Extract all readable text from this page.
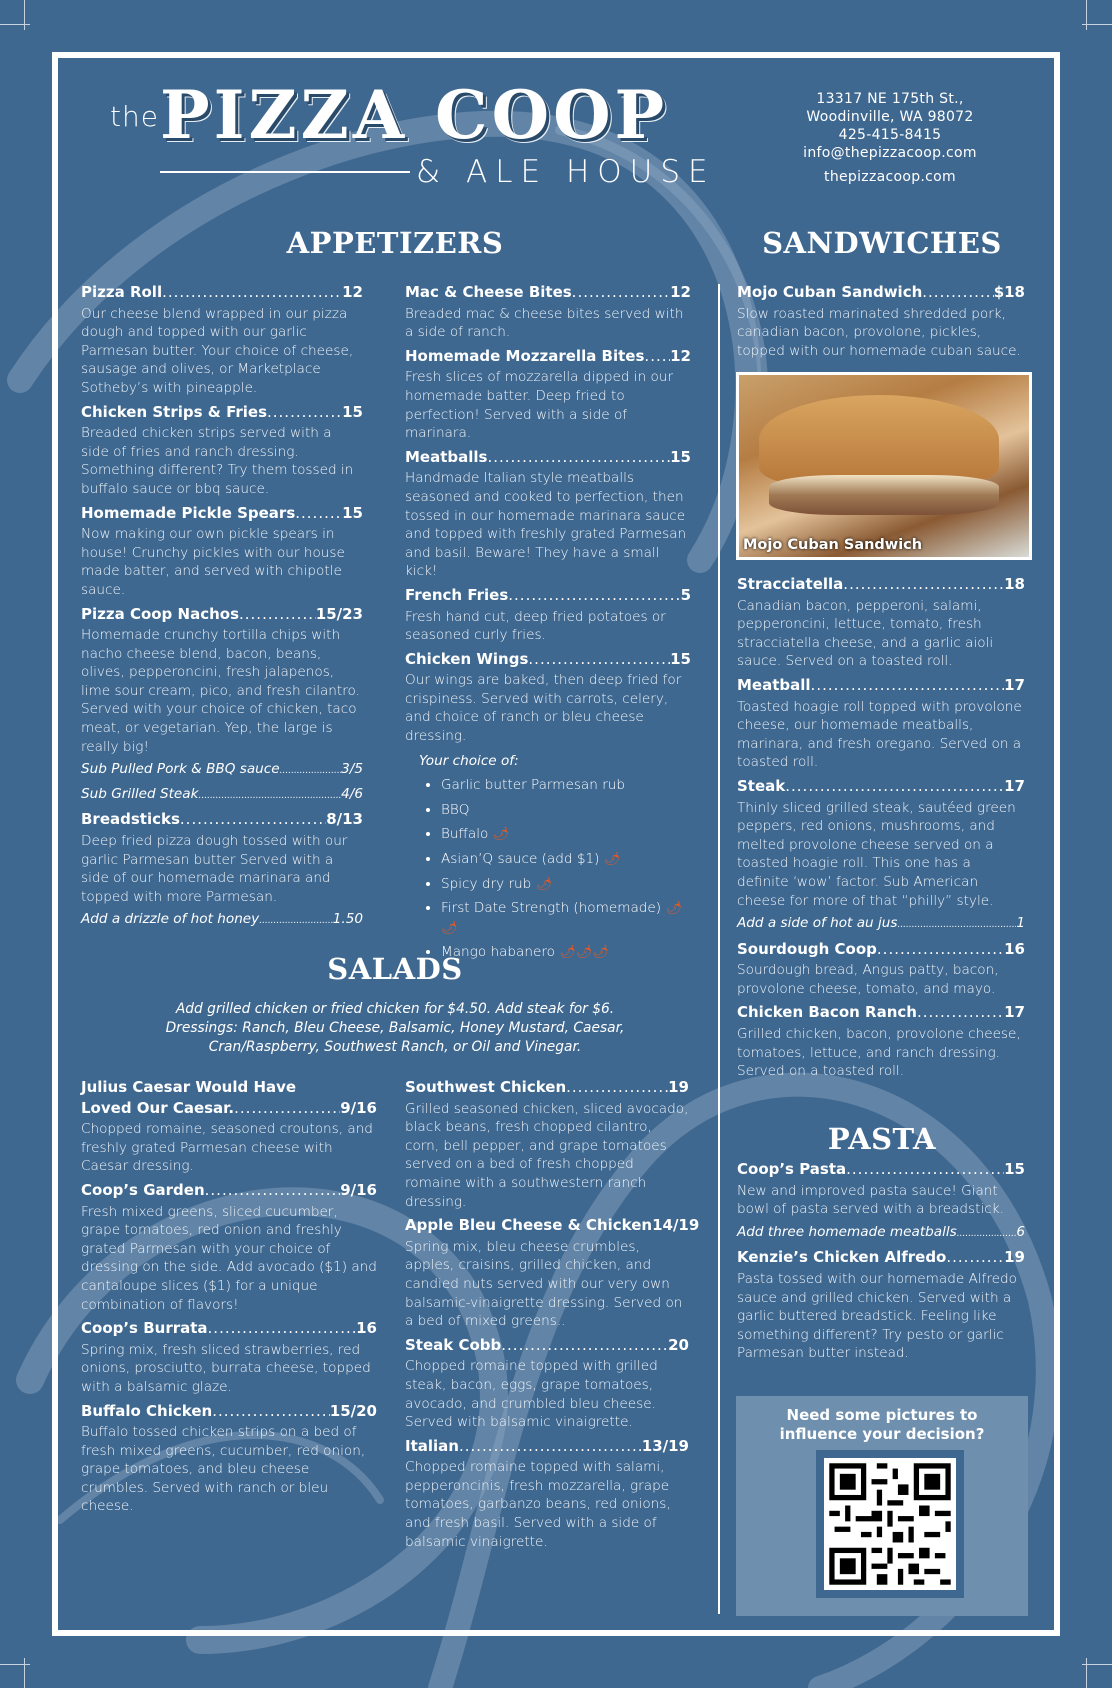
the PIZZA COOP
& ALE HOUSE
13317 NE 175th St.,
Woodinville, WA 98072
425-415-8415
info@thepizzacoop.com
thepizzacoop.com
APPETIZERS	SANDWICHES
SALADS
PASTA
Pizza Roll .....	12
Our cheese blend wrapped in our pizza dough and topped with our garlic Parmesan butter. Your choice of cheese, sausage and olives, or Marketplace Sotheby’s with pineapple.
Chicken Strips & Fries .....	15
Breaded chicken strips served with a side of fries and ranch dressing. Something different? Try them tossed in buffalo sauce or bbq sauce.
Homemade Pickle Spears .....	15
Now making our own pickle spears in house! Crunchy pickles with our house made batter, and served with chipotle sauce.
Pizza Coop Nachos .....	15/23
Homemade crunchy tortilla chips with nacho cheese blend, bacon, beans, olives, pepperoncini, fresh jalapenos, lime sour cream, pico, and fresh cilantro. Served with your choice of chicken, taco meat, or vegetarian. Yep, the large is really big!
Sub Pulled Pork & BBQ sauce .....	3/5
Sub Grilled Steak .....	4/6
Breadsticks .....	8/13
Deep fried pizza dough tossed with our garlic Parmesan butter Served with a side of our homemade marinara and topped with more Parmesan.
Add a drizzle of hot honey .....	1.50
Mac & Cheese Bites .....	12
Breaded mac & cheese bites served with a side of ranch.
Homemade Mozzarella Bites ..... 12
Fresh slices of mozzarella dipped in our homemade batter. Deep fried to perfection! Served with a side of marinara.
Meatballs .....	15
Handmade Italian style meatballs seasoned and cooked to perfection, then tossed in our homemade marinara sauce and topped with freshly grated Parmesan and basil. Beware! They have a small kick!
French Fries .....	5
Fresh hand cut, deep fried potatoes or seasoned curly fries.
Chicken Wings .....	15
Our wings are baked, then deep fried for crispiness. Served with carrots, celery, and choice of ranch or bleu cheese dressing.
Your choice of:
• Garlic butter Parmesan rub
• BBQ
• Buffalo 🌶
• Asian’Q sauce (add $1) 🌶
• Spicy dry rub 🌶
• First Date Strength (homemade) 🌶🌶
• Mango habanero 🌶🌶🌶
Mojo Cuban Sandwich .....	$18
Slow roasted marinated shredded pork, canadian bacon, provolone, pickles, topped with our homemade cuban sauce.
Mojo Cuban Sandwich
Stracciatella .....	18
Canadian bacon, pepperoni, salami, pepperoncini, lettuce, tomato, fresh stracciatella cheese, and a garlic aioli sauce. Served on a toasted roll.
Meatball .....	17
Toasted hoagie roll topped with provolone cheese, our homemade meatballs, marinara, and fresh oregano. Served on a toasted roll.
Steak .....	17
Thinly sliced grilled steak, sautéed green peppers, red onions, mushrooms, and melted provolone cheese served on a toasted hoagie roll. This one has a definite ‘wow’ factor. Sub American cheese for more of that “philly” style.
Add a side of hot au jus .....	1
Sourdough Coop .....	16
Sourdough bread, Angus patty, bacon, provolone cheese, tomato, and mayo.
Chicken Bacon Ranch .....	17
Grilled chicken, bacon, provolone cheese, tomatoes, lettuce, and ranch dressing. Served on a toasted roll.
Add grilled chicken or fried chicken for $4.50. Add steak for $6. Dressings: Ranch, Bleu Cheese, Balsamic, Honey Mustard, Caesar, Cran/Raspberry, Southwest Ranch, or Oil and Vinegar.
Julius Caesar Would Have
Loved Our Caesar. .....	9/16
Chopped romaine, seasoned croutons, and freshly grated Parmesan cheese with Caesar dressing.
Coop’s Garden .....	9/16
Fresh mixed greens, sliced cucumber, grape tomatoes, red onion and freshly grated Parmesan with your choice of dressing on the side. Add avocado ($1) and cantaloupe slices ($1) for a unique combination of flavors!
Coop’s Burrata .....	16
Spring mix, fresh sliced strawberries, red onions, prosciutto, burrata cheese, topped with a balsamic glaze.
Buffalo Chicken .....	15/20
Buffalo tossed chicken strips on a bed of fresh mixed greens, cucumber, red onion, grape tomatoes, and bleu cheese crumbles. Served with ranch or bleu cheese.
Southwest Chicken .....	19
Grilled seasoned chicken, sliced avocado, black beans, fresh chopped cilantro, corn, bell pepper, and grape tomatoes served on a bed of fresh chopped romaine with a southwestern ranch dressing.
Apple Bleu Cheese & Chicken 14/19
Spring mix, bleu cheese crumbles, apples, craisins, grilled chicken, and candied nuts served with our very own balsamic-vinaigrette dressing. Served on a bed of mixed greens..
Steak Cobb .....	20
Chopped romaine topped with grilled steak, bacon, eggs, grape tomatoes, avocado, and crumbled bleu cheese. Served with balsamic vinaigrette.
Italian .....	13/19
Chopped romaine topped with salami, pepperoncinis, fresh mozzarella, grape tomatoes, garbanzo beans, red onions, and fresh basil. Served with a side of balsamic vinaigrette.
Coop’s Pasta .....	15
New and improved pasta sauce! Giant bowl of pasta served with a breadstick.
Add three homemade meatballs .....	6
Kenzie’s Chicken Alfredo .....	19
Pasta tossed with our homemade Alfredo sauce and grilled chicken. Served with a garlic buttered breadstick. Feeling like something different? Try pesto or garlic Parmesan butter instead.
Need some pictures to
influence your decision?
